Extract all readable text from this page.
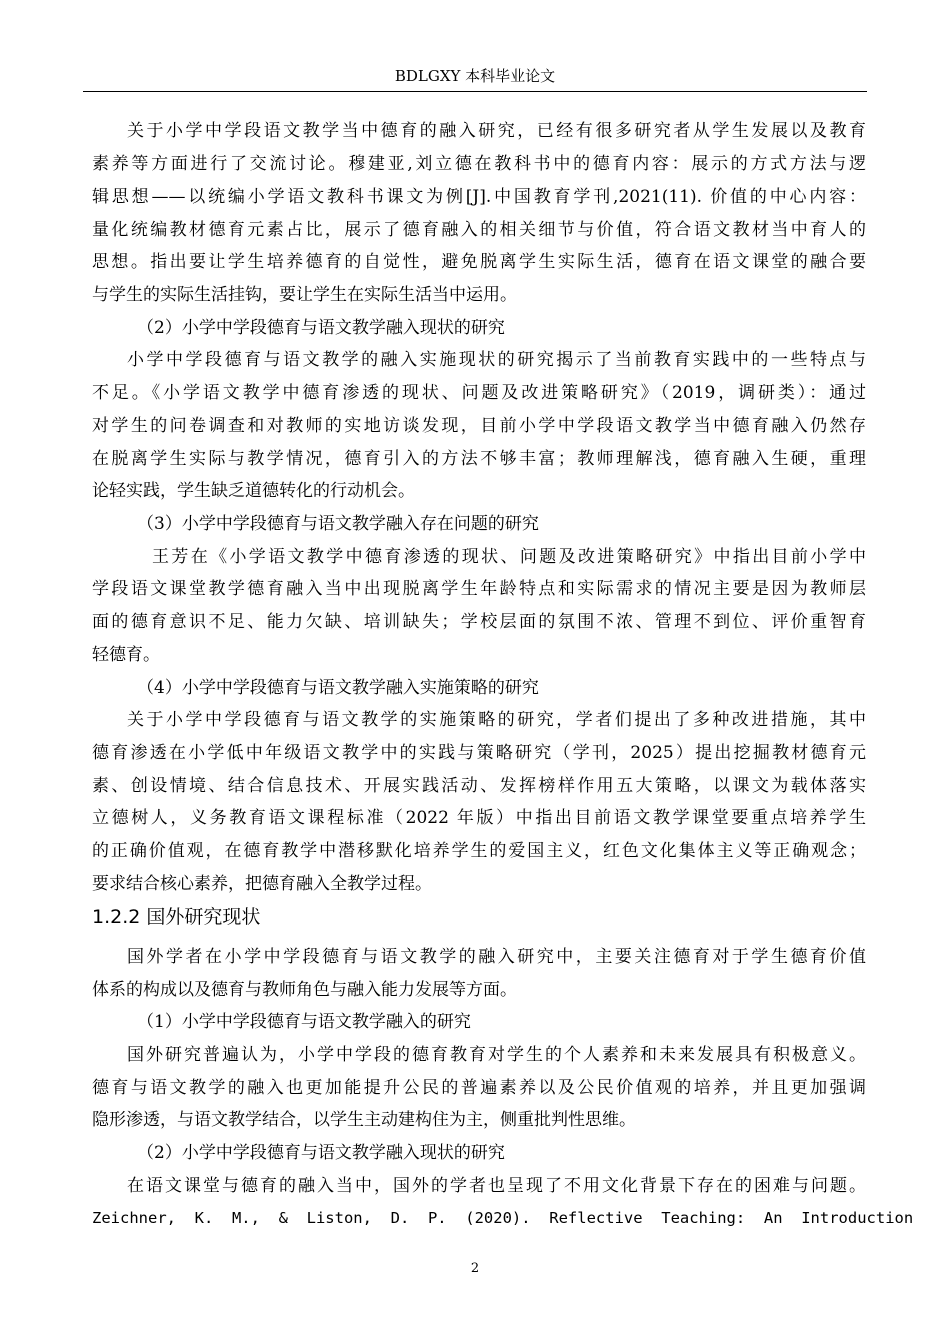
BDLGXY 本科毕业论文
关于小学中学段语文教学当中德育的融入研究，已经有很多研究者从学生发展以及教育
素养等方面进行了交流讨论。穆建亚,刘立德在教科书中的德育内容：展示的方式方法与逻
辑思想——以统编小学语文教科书课文为例[J].中国教育学刊,2021(11). 价值的中心内容：
量化统编教材德育元素占比，展示了德育融入的相关细节与价值，符合语文教材当中育人的
思想。指出要让学生培养德育的自觉性，避免脱离学生实际生活，德育在语文课堂的融合要
与学生的实际生活挂钩，要让学生在实际生活当中运用。
（2）小学中学段德育与语文教学融入现状的研究
小学中学段德育与语文教学的融入实施现状的研究揭示了当前教育实践中的一些特点与
不足。《小学语文教学中德育渗透的现状、问题及改进策略研究》（2019，调研类）：通过
对学生的问卷调查和对教师的实地访谈发现，目前小学中学段语文教学当中德育融入仍然存
在脱离学生实际与教学情况，德育引入的方法不够丰富；教师理解浅，德育融入生硬，重理
论轻实践，学生缺乏道德转化的行动机会。
（3）小学中学段德育与语文教学融入存在问题的研究
王芳在《小学语文教学中德育渗透的现状、问题及改进策略研究》中指出目前小学中
学段语文课堂教学德育融入当中出现脱离学生年龄特点和实际需求的情况主要是因为教师层
面的德育意识不足、能力欠缺、培训缺失；学校层面的氛围不浓、管理不到位、评价重智育
轻德育。
（4）小学中学段德育与语文教学融入实施策略的研究
关于小学中学段德育与语文教学的实施策略的研究，学者们提出了多种改进措施，其中
德育渗透在小学低中年级语文教学中的实践与策略研究（学刊，2025）提出挖掘教材德育元
素、创设情境、结合信息技术、开展实践活动、发挥榜样作用五大策略，以课文为载体落实
立德树人，义务教育语文课程标准（2022 年版）中指出目前语文教学课堂要重点培养学生
的正确价值观，在德育教学中潜移默化培养学生的爱国主义，红色文化集体主义等正确观念；
要求结合核心素养，把德育融入全教学过程。
1.2.2 国外研究现状
国外学者在小学中学段德育与语文教学的融入研究中，主要关注德育对于学生德育价值
体系的构成以及德育与教师角色与融入能力发展等方面。
（1）小学中学段德育与语文教学融入的研究
国外研究普遍认为，小学中学段的德育教育对学生的个人素养和未来发展具有积极意义。
德育与语文教学的融入也更加能提升公民的普遍素养以及公民价值观的培养，并且更加强调
隐形渗透，与语文教学结合，以学生主动建构住为主，侧重批判性思维。
（2）小学中学段德育与语文教学融入现状的研究
在语文课堂与德育的融入当中，国外的学者也呈现了不用文化背景下存在的困难与问题。
Zeichner,  K.  M.,  &  Liston,  D.  P.  (2020).  Reflective  Teaching:  An  Introduction
2
